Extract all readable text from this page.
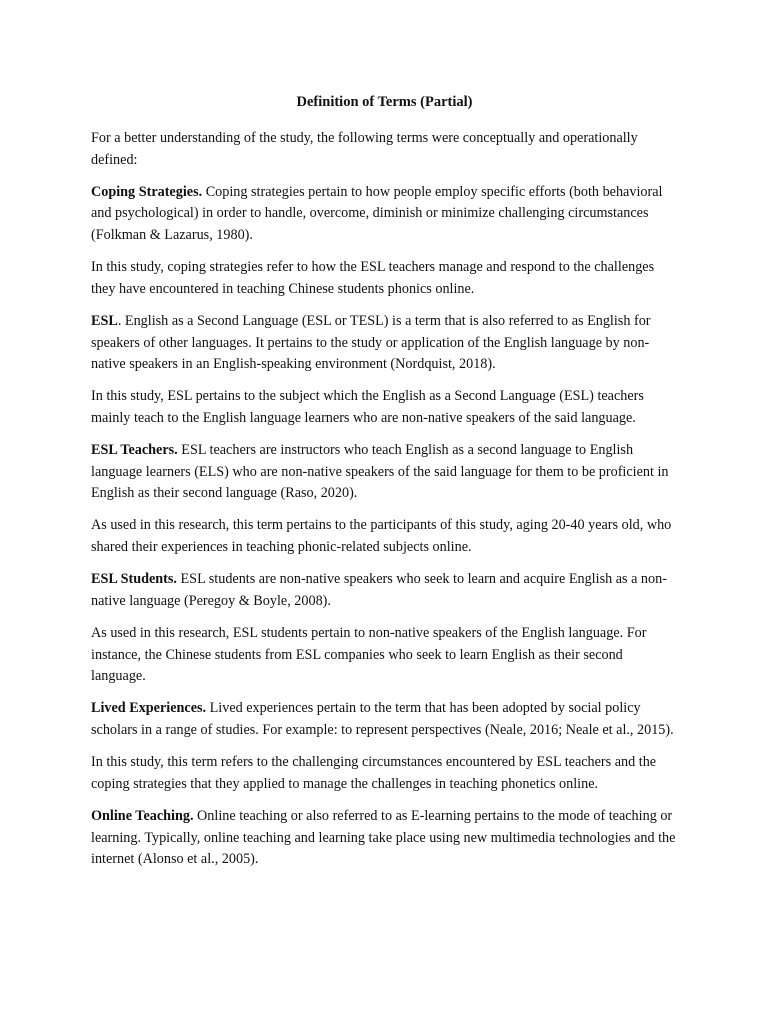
Definition of Terms (Partial)

For a better understanding of the study, the following terms were conceptually and operationally defined:

Coping Strategies. Coping strategies pertain to how people employ specific efforts (both behavioral and psychological) in order to handle, overcome, diminish or minimize challenging circumstances (Folkman & Lazarus, 1980).

In this study, coping strategies refer to how the ESL teachers manage and respond to the challenges they have encountered in teaching Chinese students phonics online.

ESL. English as a Second Language (ESL or TESL) is a term that is also referred to as English for speakers of other languages. It pertains to the study or application of the English language by non-native speakers in an English-speaking environment (Nordquist, 2018).

In this study, ESL pertains to the subject which the English as a Second Language (ESL) teachers mainly teach to the English language learners who are non-native speakers of the said language.

ESL Teachers. ESL teachers are instructors who teach English as a second language to English language learners (ELS) who are non-native speakers of the said language for them to be proficient in English as their second language (Raso, 2020).

As used in this research, this term pertains to the participants of this study, aging 20-40 years old, who shared their experiences in teaching phonic-related subjects online.

ESL Students. ESL students are non-native speakers who seek to learn and acquire English as a non-native language (Peregoy & Boyle, 2008).

As used in this research, ESL students pertain to non-native speakers of the English language. For instance, the Chinese students from ESL companies who seek to learn English as their second language.

Lived Experiences. Lived experiences pertain to the term that has been adopted by social policy scholars in a range of studies. For example: to represent perspectives (Neale, 2016; Neale et al., 2015).

In this study, this term refers to the challenging circumstances encountered by ESL teachers and the coping strategies that they applied to manage the challenges in teaching phonetics online.

Online Teaching. Online teaching or also referred to as E-learning pertains to the mode of teaching or learning. Typically, online teaching and learning take place using new multimedia technologies and the internet (Alonso et al., 2005).
